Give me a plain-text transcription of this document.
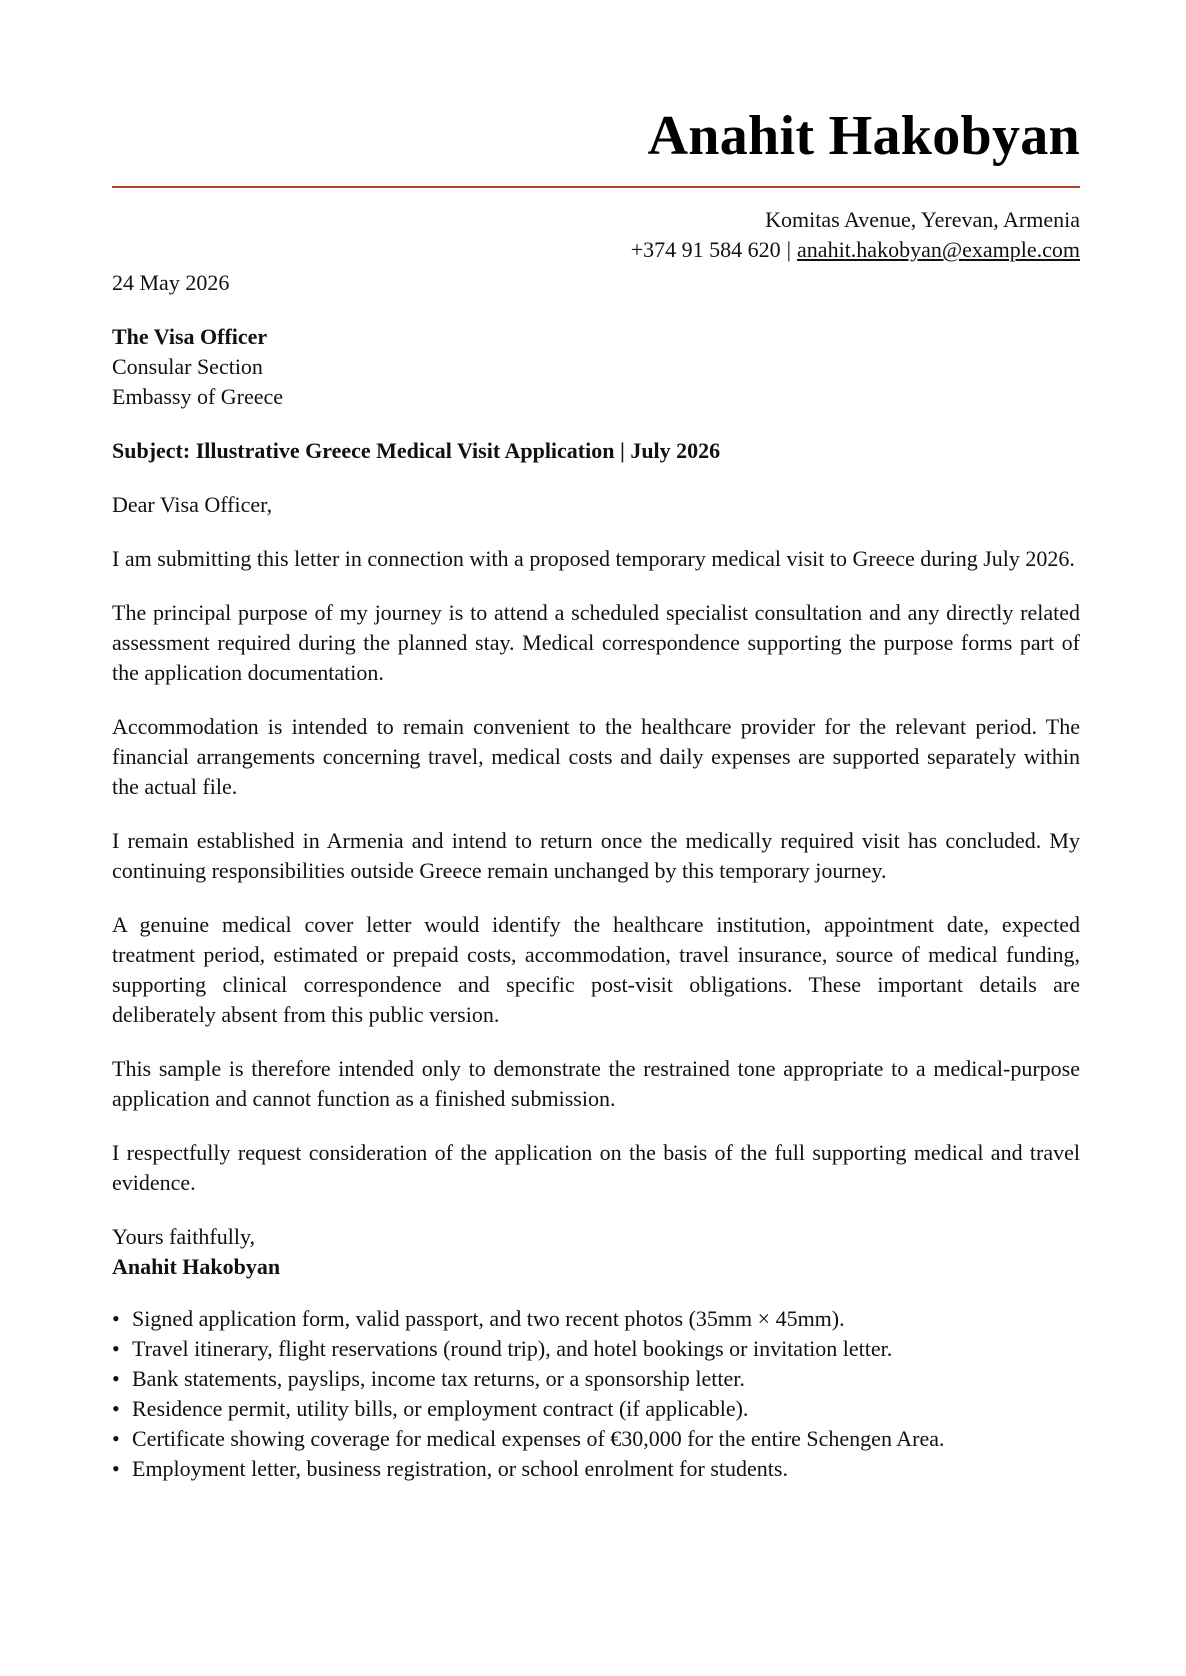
Anahit Hakobyan
Komitas Avenue, Yerevan, Armenia
+374 91 584 620 | anahit.hakobyan@example.com
24 May 2026
The Visa Officer
Consular Section
Embassy of Greece
Subject: Illustrative Greece Medical Visit Application | July 2026
Dear Visa Officer,

I am submitting this letter in connection with a proposed temporary medical visit to Greece during July 2026.

The principal purpose of my journey is to attend a scheduled specialist consultation and any directly related assessment required during the planned stay. Medical correspondence supporting the purpose forms part of the application documentation.

Accommodation is intended to remain convenient to the healthcare provider for the relevant period. The financial arrangements concerning travel, medical costs and daily expenses are supported separately within the actual file.

I remain established in Armenia and intend to return once the medically required visit has concluded. My continuing responsibilities outside Greece remain unchanged by this temporary journey.

A genuine medical cover letter would identify the healthcare institution, appointment date, expected treatment period, estimated or prepaid costs, accommodation, travel insurance, source of medical funding, supporting clinical correspondence and specific post-visit obligations. These important details are deliberately absent from this public version.

This sample is therefore intended only to demonstrate the restrained tone appropriate to a medical-purpose application and cannot function as a finished submission.

I respectfully request consideration of the application on the basis of the full supporting medical and travel evidence.

Yours faithfully,
Anahit Hakobyan
• Signed application form, valid passport, and two recent photos (35mm × 45mm).
• Travel itinerary, flight reservations (round trip), and hotel bookings or invitation letter.
• Bank statements, payslips, income tax returns, or a sponsorship letter.
• Residence permit, utility bills, or employment contract (if applicable).
• Certificate showing coverage for medical expenses of €30,000 for the entire Schengen Area.
• Employment letter, business registration, or school enrolment for students.
